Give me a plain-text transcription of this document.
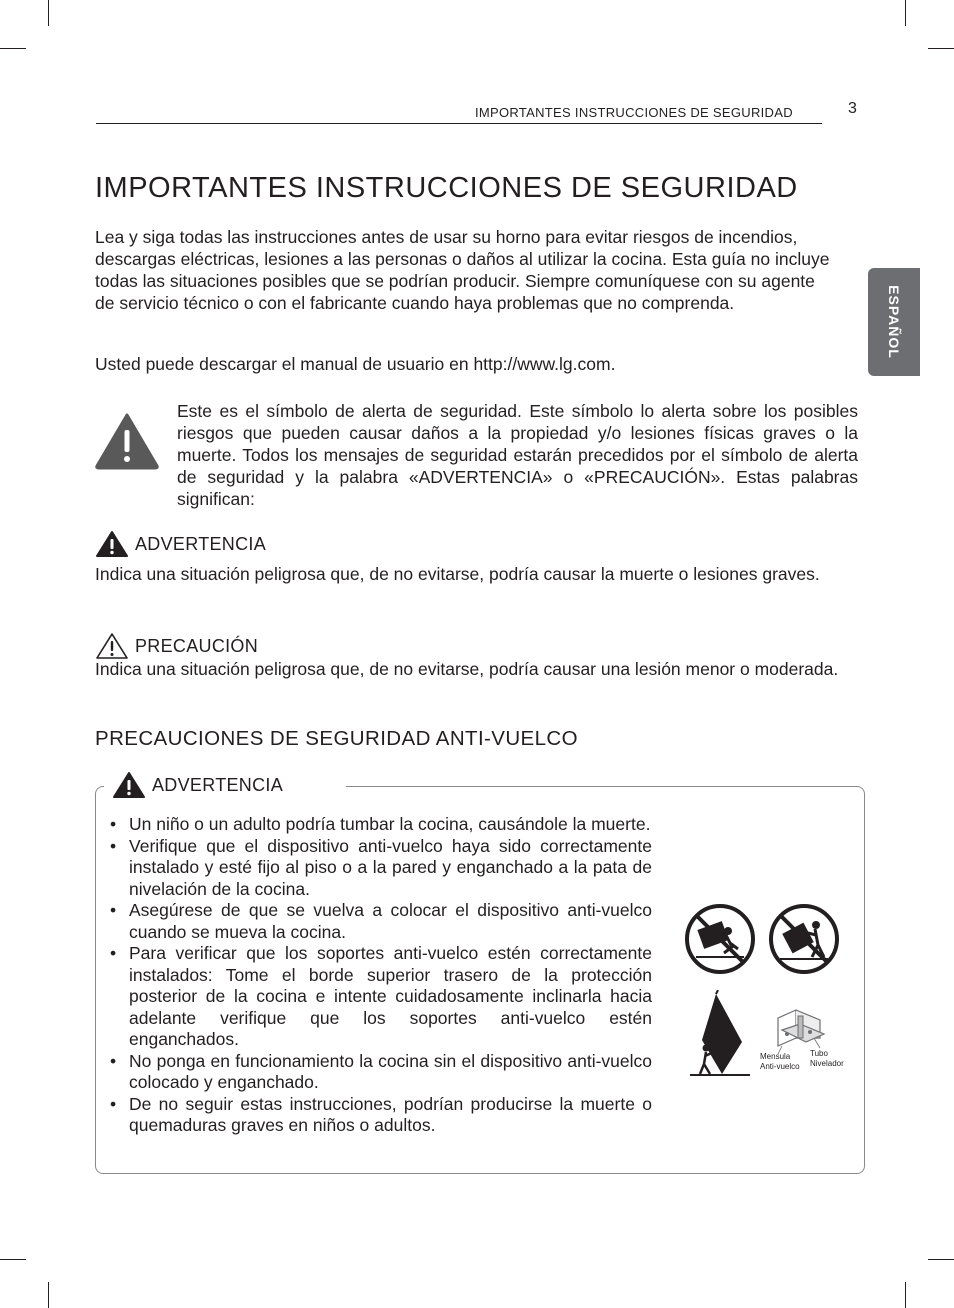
IMPORTANTES INSTRUCCIONES DE SEGURIDAD	3
ESPAÑOL
IMPORTANTES INSTRUCCIONES DE SEGURIDAD

Lea y siga todas las instrucciones antes de usar su horno para evitar riesgos de incendios, descargas eléctricas, lesiones a las personas o daños al utilizar la cocina. Esta guía no incluye todas las situaciones posibles que se podrían producir. Siempre comuníquese con su agente de servicio técnico o con el fabricante cuando haya problemas que no comprenda.

Usted puede descargar el manual de usuario en http://www.lg.com.

Este es el símbolo de alerta de seguridad. Este símbolo lo alerta sobre los posibles riesgos que pueden causar daños a la propiedad y/o lesiones físicas graves o la muerte. Todos los mensajes de seguridad estarán precedidos por el símbolo de alerta de seguridad y la palabra «ADVERTENCIA» o «PRECAUCIÓN». Estas palabras significan:

ADVERTENCIA

Indica una situación peligrosa que, de no evitarse, podría causar la muerte o lesiones graves.

PRECAUCIÓN

Indica una situación peligrosa que, de no evitarse, podría causar una lesión menor o moderada.

PRECAUCIONES DE SEGURIDAD ANTI-VUELCO
ADVERTENCIA
• Un niño o un adulto podría tumbar la cocina, causándole la muerte.
• Verifique que el dispositivo anti-vuelco haya sido correctamente instalado y esté fijo al piso o a la pared y enganchado a la pata de nivelación de la cocina.
• Asegúrese de que se vuelva a colocar el dispositivo anti-vuelco cuando se mueva la cocina.
• Para verificar que los soportes anti-vuelco estén correctamente instalados: Tome el borde superior trasero de la protección posterior de la cocina e intente cuidadosamente inclinarla hacia adelante verifique que los soportes anti-vuelco estén enganchados.
• No ponga en funcionamiento la cocina sin el dispositivo anti-vuelco colocado y enganchado.
• De no seguir estas instrucciones, podrían producirse la muerte o quemaduras graves en niños o adultos.
Mensula
Anti-vuelco
Tubo
Nivelador
